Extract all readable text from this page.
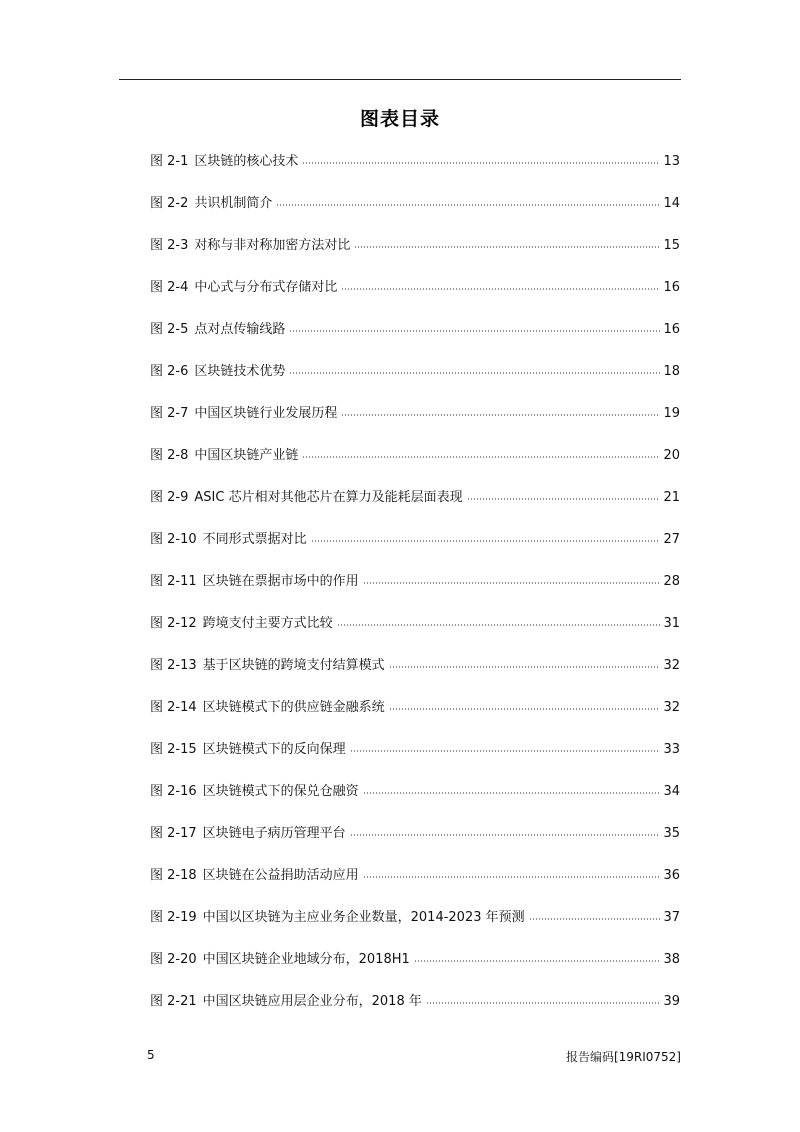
图表目录
图 2-1 区块链的核心技术	13
图 2-2 共识机制简介	14
图 2-3 对称与非对称加密方法对比	15
图 2-4 中心式与分布式存储对比	16
图 2-5 点对点传输线路	16
图 2-6 区块链技术优势	18
图 2-7 中国区块链行业发展历程	19
图 2-8 中国区块链产业链	20
图 2-9 ASIC 芯片相对其他芯片在算力及能耗层面表现	21
图 2-10 不同形式票据对比	27
图 2-11 区块链在票据市场中的作用	28
图 2-12 跨境支付主要方式比较	31
图 2-13 基于区块链的跨境支付结算模式	32
图 2-14 区块链模式下的供应链金融系统	32
图 2-15 区块链模式下的反向保理	33
图 2-16 区块链模式下的保兑仓融资	34
图 2-17 区块链电子病历管理平台	35
图 2-18 区块链在公益捐助活动应用	36
图 2-19 中国以区块链为主应业务企业数量，2014-2023 年预测	37
图 2-20 中国区块链企业地域分布，2018H1	38
图 2-21 中国区块链应用层企业分布，2018 年	39
5	报告编码[19RI0752]
